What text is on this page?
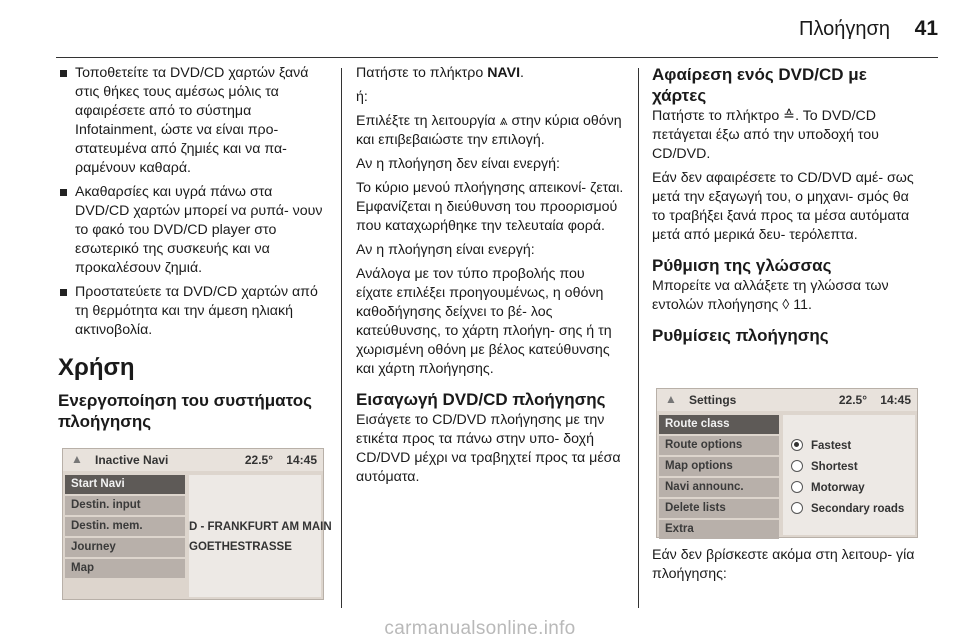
Πλοήγηση 41
Τοποθετείτε τα DVD/CD χαρτών ξανά στις θήκες τους αμέσως μόλις τα αφαιρέσετε από το σύστημα Infotainment, ώστε να είναι προ- στατευμένα από ζημιές και να πα- ραμένουν καθαρά.
Ακαθαρσίες και υγρά πάνω στα DVD/CD χαρτών μπορεί να ρυπά- νουν το φακό του DVD/CD player στο εσωτερικό της συσκευής και να προκαλέσουν ζημιά.
Προστατεύετε τα DVD/CD χαρτών από τη θερμότητα και την άμεση ηλιακή ακτινοβολία.
Χρήση
Ενεργοποίηση του συστήματος πλοήγησης
▲ Inactive Navi	22.5° 14:45
Start Navi
Destin. input
Destin. mem.
Journey
Map
D - FRANKFURT AM MAIN
GOETHESTRASSE
Πατήστε το πλήκτρο NAVI.
ή:
Επιλέξτε τη λειτουργία ⩓ στην κύρια οθόνη και επιβεβαιώστε την επιλογή.
Αν η πλοήγηση δεν είναι ενεργή:
Το κύριο μενού πλοήγησης απεικονί- ζεται. Εμφανίζεται η διεύθυνση του προορισμού που καταχωρήθηκε την τελευταία φορά.
Αν η πλοήγηση είναι ενεργή:
Ανάλογα με τον τύπο προβολής που είχατε επιλέξει προηγουμένως, η οθόνη καθοδήγησης δείχνει το βέ- λος κατεύθυνσης, το χάρτη πλοήγη- σης ή τη χωρισμένη οθόνη με βέλος κατεύθυνσης και χάρτη πλοήγησης.
Εισαγωγή DVD/CD πλοήγησης
Εισάγετε το CD/DVD πλοήγησης με την ετικέτα προς τα πάνω στην υπο- δοχή CD/DVD μέχρι να τραβηχτεί προς τα μέσα αυτόματα.
Αφαίρεση ενός DVD/CD με χάρτες
Πατήστε το πλήκτρο ≙. Το DVD/CD πετάγεται έξω από την υποδοχή του CD/DVD.
Εάν δεν αφαιρέσετε το CD/DVD αμέ- σως μετά την εξαγωγή του, ο μηχανι- σμός θα το τραβήξει ξανά προς τα μέσα αυτόματα μετά από μερικά δευ- τερόλεπτα.
Ρύθμιση της γλώσσας
Μπορείτε να αλλάξετε τη γλώσσα των εντολών πλοήγησης ◊ 11.
Ρυθμίσεις πλοήγησης
▲ Settings	22.5° 14:45
Route class
Route options
Map options
Navi announc.
Delete lists
Extra
Fastest
Shortest
Motorway
Secondary roads
Εάν δεν βρίσκεστε ακόμα στη λειτουρ- γία πλοήγησης:
carmanualsonline.info
